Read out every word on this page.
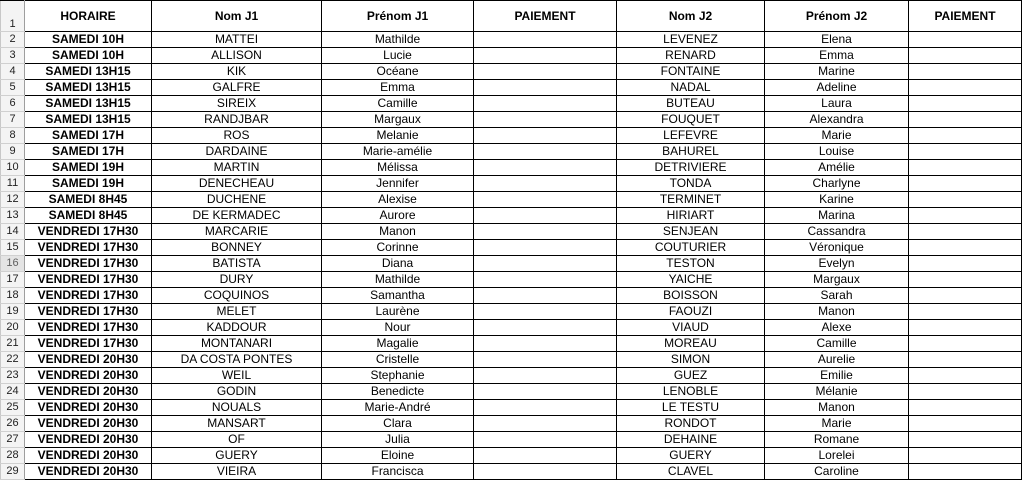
1	HORAIRE	Nom J1	Prénom J1	PAIEMENT	Nom J2	Prénom J2	PAIEMENT
2	SAMEDI 10H	MATTEI	Mathilde		LEVENEZ	Elena	
3	SAMEDI 10H	ALLISON	Lucie		RENARD	Emma	
4	SAMEDI 13H15	KIK	Océane		FONTAINE	Marine	
5	SAMEDI 13H15	GALFRE	Emma		NADAL	Adeline	
6	SAMEDI 13H15	SIREIX	Camille		BUTEAU	Laura	
7	SAMEDI 13H15	RANDJBAR	Margaux		FOUQUET	Alexandra	
8	SAMEDI 17H	ROS	Melanie		LEFEVRE	Marie	
9	SAMEDI 17H	DARDAINE	Marie-amélie		BAHUREL	Louise	
10	SAMEDI 19H	MARTIN	Mélissa		DETRIVIERE	Amélie	
11	SAMEDI 19H	DENECHEAU	Jennifer		TONDA	Charlyne	
12	SAMEDI 8H45	DUCHENE	Alexise		TERMINET	Karine	
13	SAMEDI 8H45	DE KERMADEC	Aurore		HIRIART	Marina	
14	VENDREDI 17H30	MARCARIE	Manon		SENJEAN	Cassandra	
15	VENDREDI 17H30	BONNEY	Corinne		COUTURIER	Véronique	
16	VENDREDI 17H30	BATISTA	Diana		TESTON	Evelyn	
17	VENDREDI 17H30	DURY	Mathilde		YAICHE	Margaux	
18	VENDREDI 17H30	COQUINOS	Samantha		BOISSON	Sarah	
19	VENDREDI 17H30	MELET	Laurène		FAOUZI	Manon	
20	VENDREDI 17H30	KADDOUR	Nour		VIAUD	Alexe	
21	VENDREDI 17H30	MONTANARI	Magalie		MOREAU	Camille	
22	VENDREDI 20H30	DA COSTA PONTES	Cristelle		SIMON	Aurelie	
23	VENDREDI 20H30	WEIL	Stephanie		GUEZ	Emilie	
24	VENDREDI 20H30	GODIN	Benedicte		LENOBLE	Mélanie	
25	VENDREDI 20H30	NOUALS	Marie-André		LE TESTU	Manon	
26	VENDREDI 20H30	MANSART	Clara		RONDOT	Marie	
27	VENDREDI 20H30	OF	Julia		DEHAINE	Romane	
28	VENDREDI 20H30	GUERY	Eloine		GUERY	Lorelei	
29	VENDREDI 20H30	VIEIRA	Francisca		CLAVEL	Caroline	
